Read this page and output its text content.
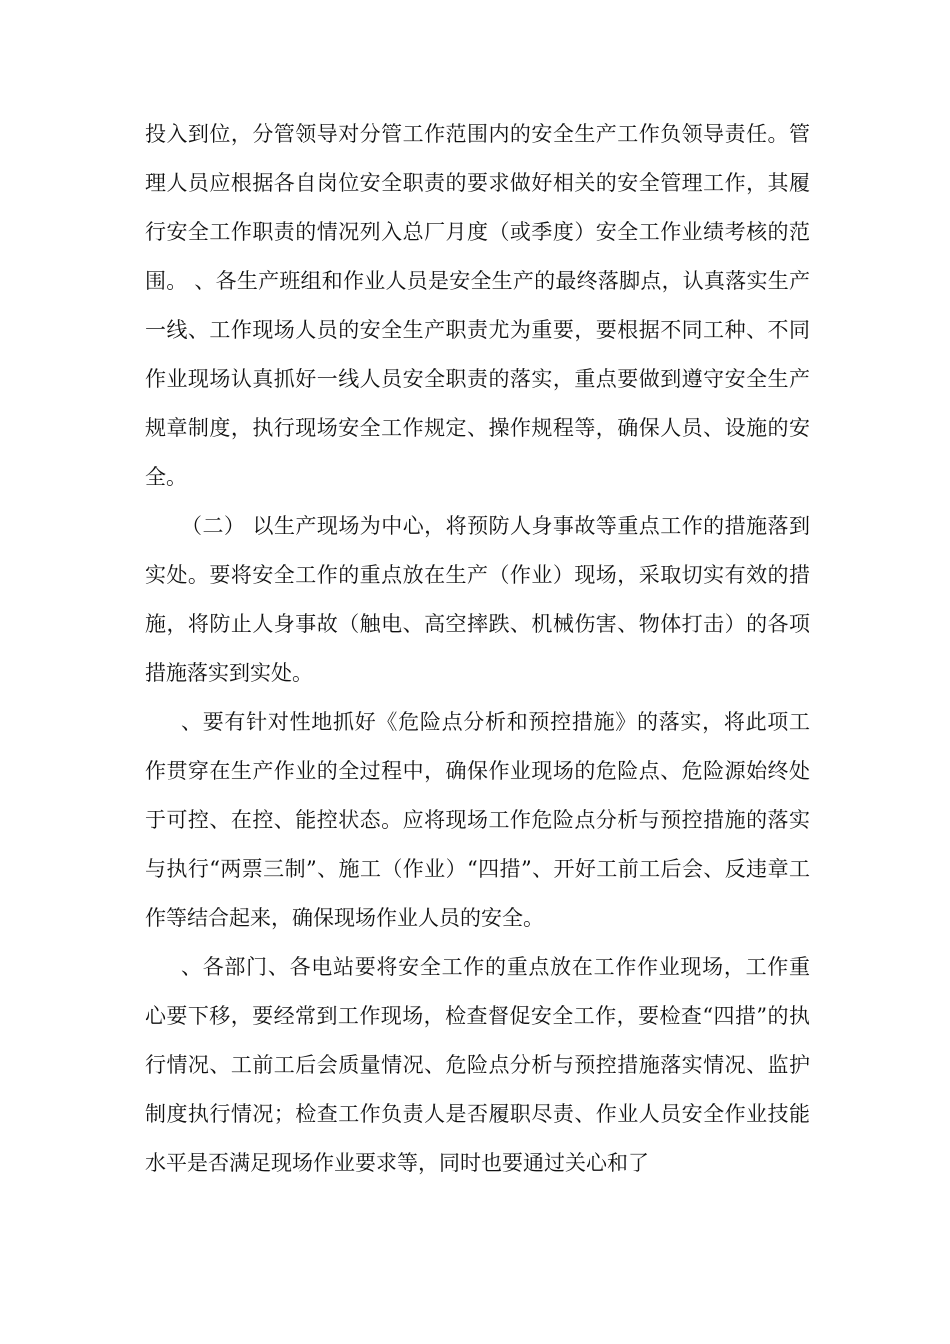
投入到位，分管领导对分管工作范围内的安全生产工作负领导责任。管理人员应根据各自岗位安全职责的要求做好相关的安全管理工作，其履行安全工作职责的情况列入总厂月度（或季度）安全工作业绩考核的范围。 、各生产班组和作业人员是安全生产的最终落脚点，认真落实生产一线、工作现场人员的安全生产职责尤为重要，要根据不同工种、不同作业现场认真抓好一线人员安全职责的落实，重点要做到遵守安全生产规章制度，执行现场安全工作规定、操作规程等，确保人员、设施的安全。

（二） 以生产现场为中心，将预防人身事故等重点工作的措施落到实处。要将安全工作的重点放在生产（作业）现场，采取切实有效的措施，将防止人身事故（触电、高空摔跌、机械伤害、物体打击）的各项措施落实到实处。

、要有针对性地抓好《危险点分析和预控措施》的落实，将此项工作贯穿在生产作业的全过程中，确保作业现场的危险点、危险源始终处于可控、在控、能控状态。应将现场工作危险点分析与预控措施的落实与执行“两票三制”、施工（作业）“四措”、开好工前工后会、反违章工作等结合起来，确保现场作业人员的安全。

、各部门、各电站要将安全工作的重点放在工作作业现场，工作重心要下移，要经常到工作现场，检查督促安全工作，要检查“四措”的执行情况、工前工后会质量情况、危险点分析与预控措施落实情况、监护制度执行情况；检查工作负责人是否履职尽责、作业人员安全作业技能水平是否满足现场作业要求等，同时也要通过关心和了
